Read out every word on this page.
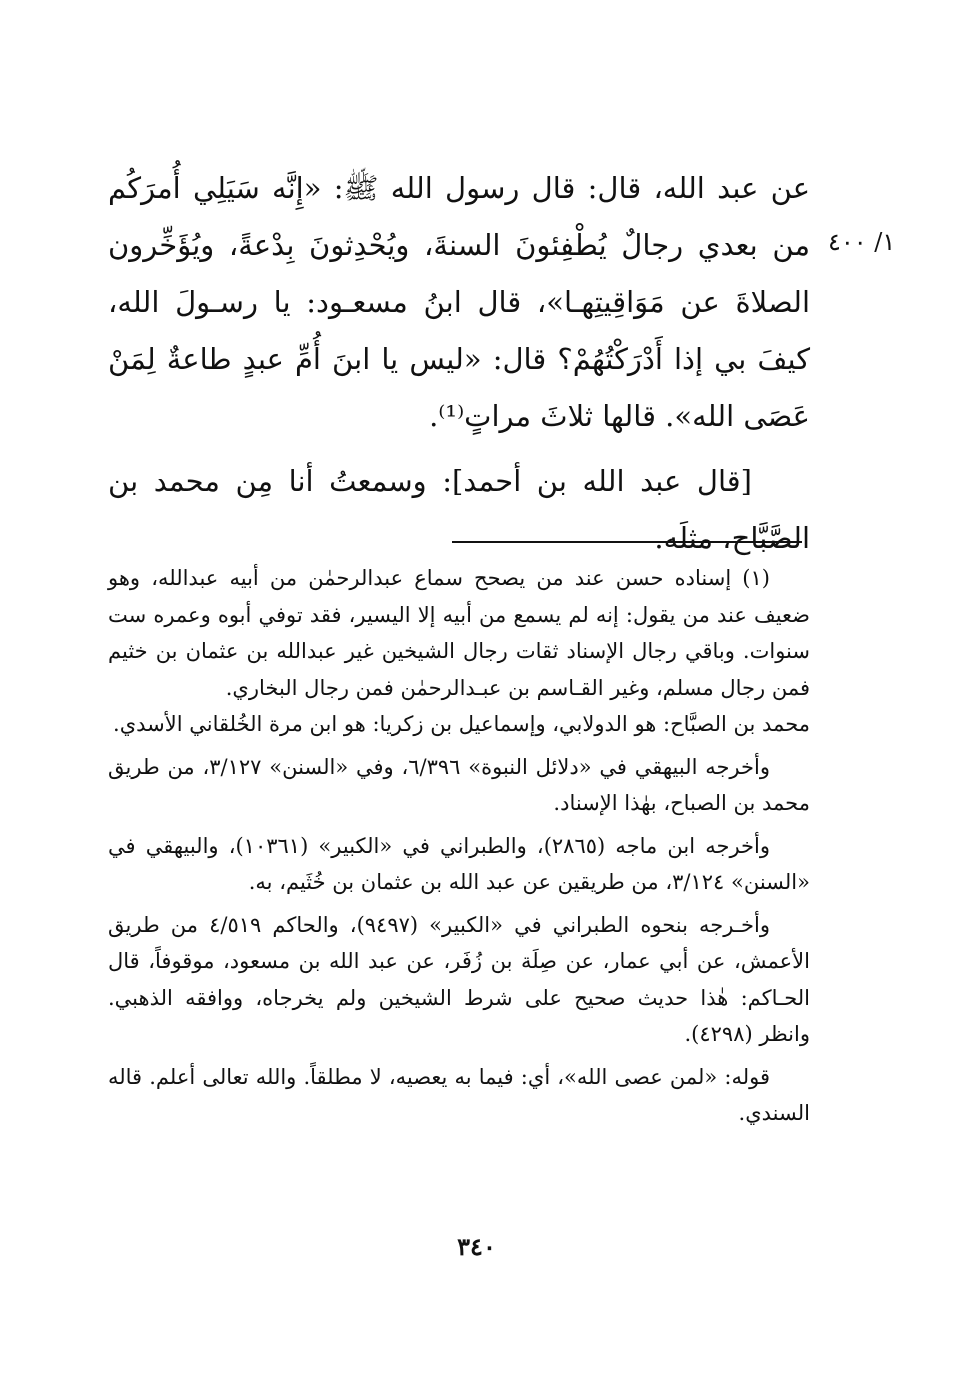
١/ ٤٠٠

عن عبد الله، قال: قال رسول الله ﷺ: «إِنَّه سَيَلِي أُمرَكُم من بعدي رجالٌ يُطْفِئونَ السنةَ، ويُحْدِثونَ بِدْعةً، ويُؤَخِّرون الصلاةَ عن مَوَاقِيتِهـا»، قال ابنُ مسعـود: يا رسـولَ الله، كيفَ بي إذا أَدْرَكْتُهُمْ؟ قال: «ليس يا ابنَ أُمِّ عبدٍ طاعةٌ لِمَنْ عَصَى الله». قالها ثلاثَ مراتٍ⁽¹⁾.

[قال عبد الله بن أحمد]: وسمعتُ أنا مِن محمد بن الصَّبَّاح، مثلَه.

(١) إسناده حسن عند من يصحح سماع عبدالرحمٰن من أبيه عبدالله، وهو ضعيف عند من يقول: إنه لم يسمع من أبيه إلا اليسير، فقد توفي أبوه وعمره ست سنوات. وباقي رجال الإسناد ثقات رجال الشيخين غير عبدالله بن عثمان بن خثيم فمن رجال مسلم، وغير القـاسم بن عبـدالرحمٰن فمن رجال البخاري.

محمد بن الصبَّاح: هو الدولابي، وإسماعيل بن زكريا: هو ابن مرة الخُلقاني الأسدي.

وأخرجه البيهقي في «دلائل النبوة» ٦/٣٩٦، وفي «السنن» ٣/١٢٧، من طريق محمد بن الصباح، بهٰذا الإسناد.

وأخرجه ابن ماجه (٢٨٦٥)، والطبراني في «الكبير» (١٠٣٦١)، والبيهقي في «السنن» ٣/١٢٤، من طريقين عن عبد الله بن عثمان بن خُثَيم، به.

وأخـرجه بنحوه الطبراني في «الكبير» (٩٤٩٧)، والحاكم ٤/٥١٩ من طريق الأعمش، عن أبي عمار، عن صِلَة بن زُفَر، عن عبد الله بن مسعود، موقوفاً، قال الحـاكم: هٰذا حديث صحيح على شرط الشيخين ولم يخرجاه، ووافقه الذهبي. وانظر (٤٢٩٨).

قوله: «لمن عصى الله»، أي: فيما به يعصيه، لا مطلقاً. والله تعالى أعلم. قاله السندي.

٣٤٠
